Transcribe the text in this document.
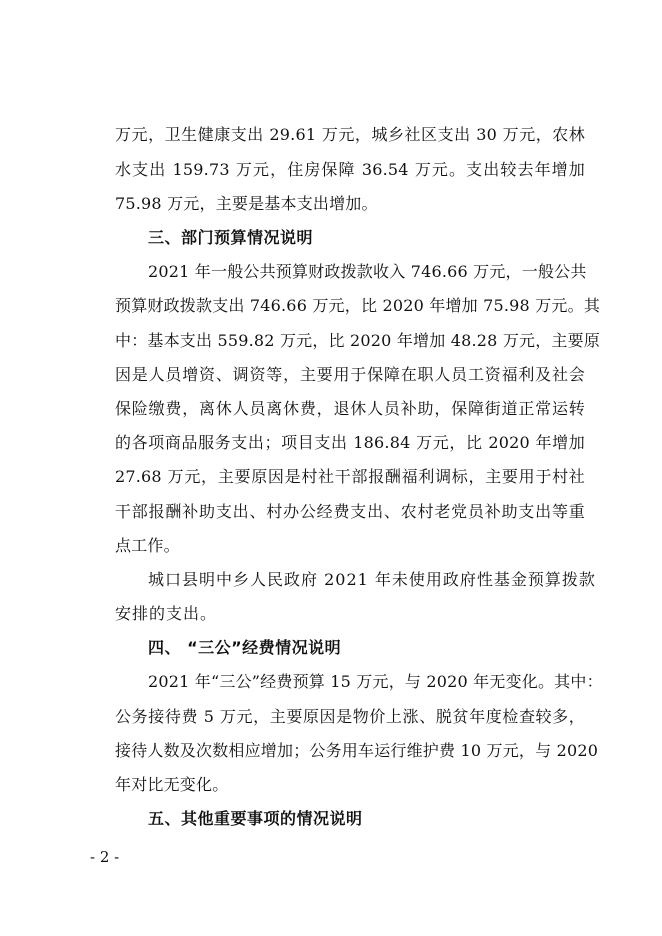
万元，卫生健康支出 29.61 万元，城乡社区支出 30 万元，农林
水支出 159.73 万元，住房保障 36.54 万元。支出较去年增加
75.98 万元，主要是基本支出增加。
三、部门预算情况说明
2021 年一般公共预算财政拨款收入 746.66 万元，一般公共
预算财政拨款支出 746.66 万元，比 2020 年增加 75.98 万元。其
中：基本支出 559.82 万元，比 2020 年增加 48.28 万元，主要原
因是人员增资、调资等，主要用于保障在职人员工资福利及社会
保险缴费，离休人员离休费，退休人员补助，保障街道正常运转
的各项商品服务支出；项目支出 186.84 万元，比 2020 年增加
27.68 万元，主要原因是村社干部报酬福利调标，主要用于村社
干部报酬补助支出、村办公经费支出、农村老党员补助支出等重
点工作。
城口县明中乡人民政府 2021 年未使用政府性基金预算拨款
安排的支出。
四、 “三公”经费情况说明
2021 年“三公”经费预算 15 万元，与 2020 年无变化。其中：
公务接待费 5 万元，主要原因是物价上涨、脱贫年度检查较多，
接待人数及次数相应增加；公务用车运行维护费 10 万元，与 2020
年对比无变化。
五、其他重要事项的情况说明
- 2 -
